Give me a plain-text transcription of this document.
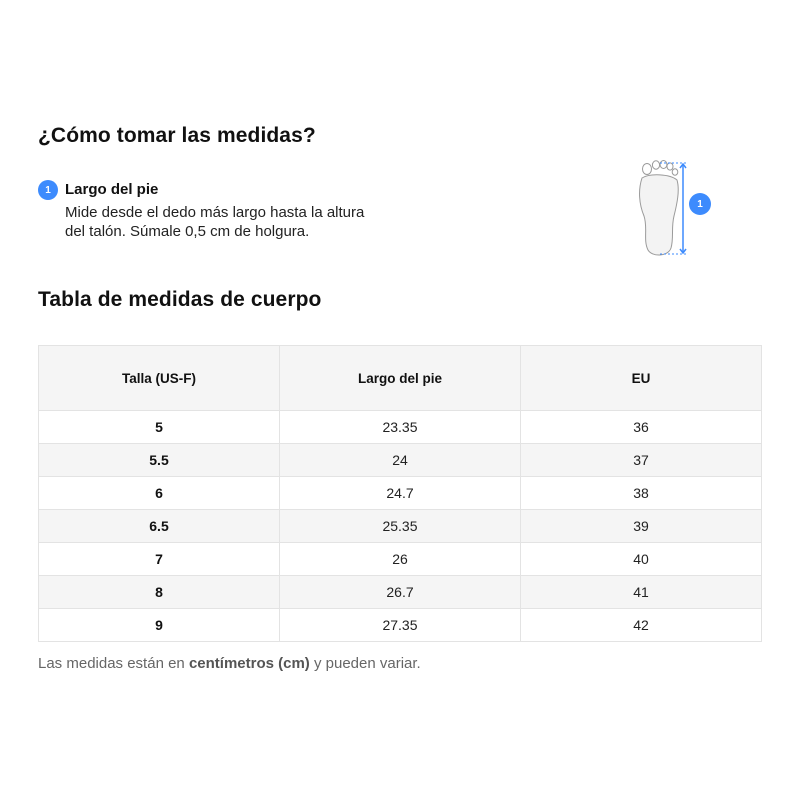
¿Cómo tomar las medidas?
1 Largo del pie
Mide desde el dedo más largo hasta la altura del talón. Súmale 0,5 cm de holgura.
1
Tabla de medidas de cuerpo
Talla (US-F)	Largo del pie	EU
5	23.35	36
5.5	24	37
6	24.7	38
6.5	25.35	39
7	26	40
8	26.7	41
9	27.35	42
Las medidas están en centímetros (cm) y pueden variar.
